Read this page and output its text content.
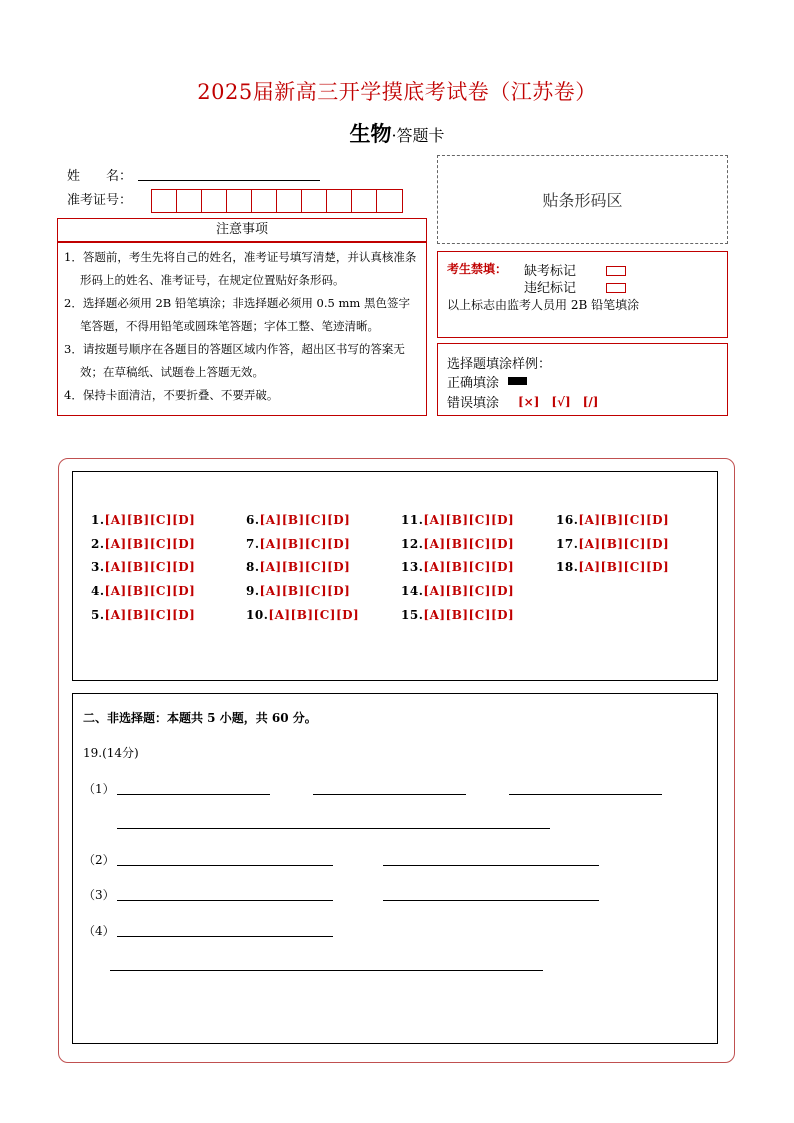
2025届新高三开学摸底考试卷（江苏卷）
生物·答题卡
姓　　名：
准考证号：	贴条形码区
注意事项

1．答题前，考生先将自己的姓名，准考证号填写清楚，并认真核准条形码上的姓名、准考证号，在规定位置贴好条形码。

2．选择题必须用 2B 铅笔填涂；非选择题必须用 0.5 mm 黑色签字笔答题，不得用铅笔或圆珠笔答题；字体工整、笔迹清晰。

3．请按题号顺序在各题目的答题区域内作答，超出区书写的答案无效；在草稿纸、试题卷上答题无效。

4．保持卡面清洁，不要折叠、不要弄破。

考生禁填： 缺考标记
违纪标记
以上标志由监考人员用 2B 铅笔填涂
选择题填涂样例：
正确填涂
错误填涂 [×]　[√]　[/]
1.[A][B][C][D]
2.[A][B][C][D]
3.[A][B][C][D]
4.[A][B][C][D]
5.[A][B][C][D]
6.[A][B][C][D]
7.[A][B][C][D]
8.[A][B][C][D]
9.[A][B][C][D]
10.[A][B][C][D]
11.[A][B][C][D]
12.[A][B][C][D]
13.[A][B][C][D]
14.[A][B][C][D]
15.[A][B][C][D]
16.[A][B][C][D]
17.[A][B][C][D]
18.[A][B][C][D]
二、非选择题：本题共 5 小题，共 60 分。
19.(14分)
（1）
（2）
（3）
（4）
